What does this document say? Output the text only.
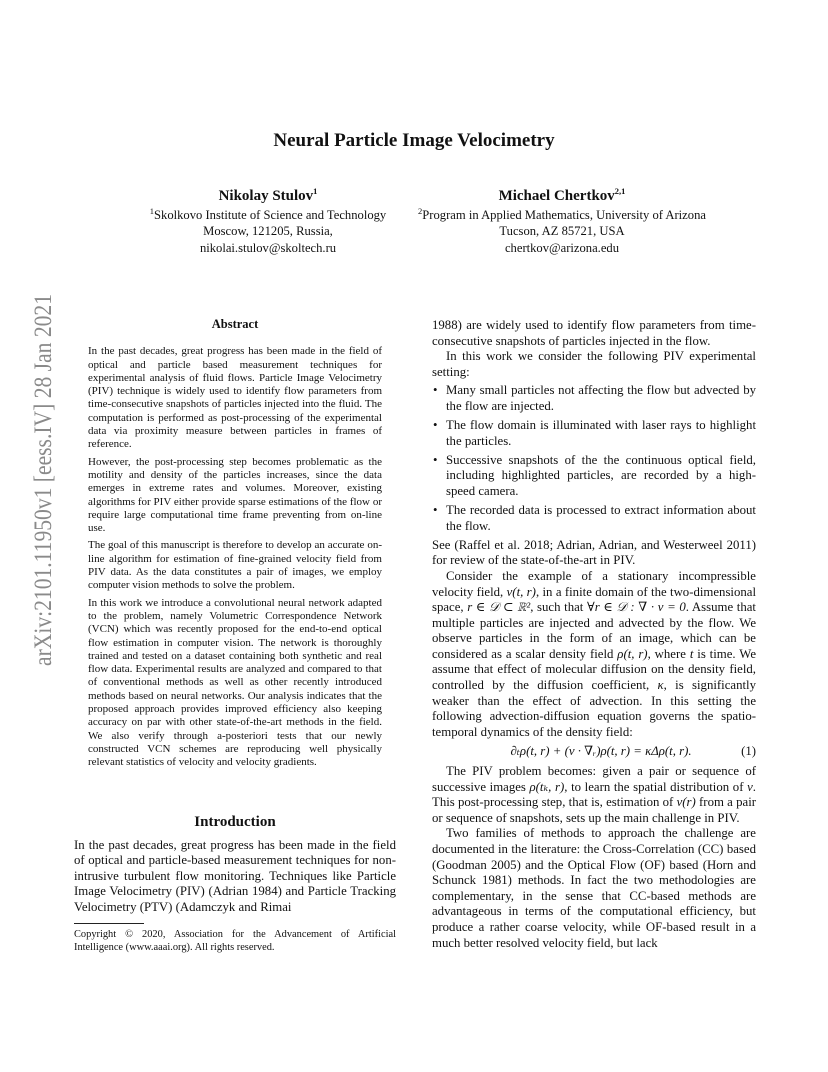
arXiv:2101.11950v1 [eess.IV] 28 Jan 2021
Neural Particle Image Velocimetry
Nikolay Stulov$^1$
$^1$Skolkovo Institute of Science and Technology
Moscow, 121205, Russia,
nikolai.stulov@skoltech.ru
Michael Chertkov$^{2,1}$
$^2$Program in Applied Mathematics, University of Arizona
Tucson, AZ 85721, USA
chertkov@arizona.edu
Abstract

In the past decades, great progress has been made in the field of optical and particle based measurement techniques for experimental analysis of fluid flows. Particle Image Velocimetry (PIV) technique is widely used to identify flow parameters from time-consecutive snapshots of particles injected into the fluid. The computation is performed as post-processing of the experimental data via proximity measure between particles in frames of reference.

However, the post-processing step becomes problematic as the motility and density of the particles increases, since the data emerges in extreme rates and volumes. Moreover, existing algorithms for PIV either provide sparse estimations of the flow or require large computational time frame preventing from on-line use.

The goal of this manuscript is therefore to develop an accurate on-line algorithm for estimation of fine-grained velocity field from PIV data. As the data constitutes a pair of images, we employ computer vision methods to solve the problem.

In this work we introduce a convolutional neural network adapted to the problem, namely Volumetric Correspondence Network (VCN) which was recently proposed for the end-to-end optical flow estimation in computer vision. The network is thoroughly trained and tested on a dataset containing both synthetic and real flow data. Experimental results are analyzed and compared to that of conventional methods as well as other recently introduced methods based on neural networks. Our analysis indicates that the proposed approach provides improved efficiency also keeping accuracy on par with other state-of-the-art methods in the field. We also verify through a-posteriori tests that our newly constructed VCN schemes are reproducing well physically relevant statistics of velocity and velocity gradients.

Introduction

In the past decades, great progress has been made in the field of optical and particle-based measurement techniques for non-intrusive turbulent flow monitoring. Techniques like Particle Image Velocimetry (PIV) (Adrian 1984) and Particle Tracking Velocimetry (PTV) (Adamczyk and Rimai

Copyright © 2020, Association for the Advancement of Artificial Intelligence (www.aaai.org). All rights reserved.

1988) are widely used to identify flow parameters from time-consecutive snapshots of particles injected in the flow.

In this work we consider the following PIV experimental setting:

• Many small particles not affecting the flow but advected by the flow are injected.
• The flow domain is illuminated with laser rays to highlight the particles.
• Successive snapshots of the the continuous optical field, including highlighted particles, are recorded by a high-speed camera.
• The recorded data is processed to extract information about the flow.

See (Raffel et al. 2018; Adrian, Adrian, and Westerweel 2011) for review of the state-of-the-art in PIV.

Consider the example of a stationary incompressible velocity field, v(t, r), in a finite domain of the two-dimensional space, r ∈ 𝒟 ⊂ ℝ², such that ∀r ∈ 𝒟 : ∇ · v = 0. Assume that multiple particles are injected and advected by the flow. We observe particles in the form of an image, which can be considered as a scalar density field ρ(t, r), where t is time. We assume that effect of molecular diffusion on the density field, controlled by the diffusion coefficient, κ, is significantly weaker than the effect of advection. In this setting the following advection-diffusion equation governs the spatio-temporal dynamics of the density field:

∂ₜρ(t, r) + (v · ∇ᵣ)ρ(t, r) = κΔρ(t, r).	(1)

The PIV problem becomes: given a pair or sequence of successive images ρ(tₖ, r), to learn the spatial distribution of v. This post-processing step, that is, estimation of v(r) from a pair or sequence of snapshots, sets up the main challenge in PIV.

Two families of methods to approach the challenge are documented in the literature: the Cross-Correlation (CC) based (Goodman 2005) and the Optical Flow (OF) based (Horn and Schunck 1981) methods. In fact the two methodologies are complementary, in the sense that CC-based methods are advantageous in terms of the computational efficiency, but produce a rather coarse velocity, while OF-based result in a much better resolved velocity field, but lack
